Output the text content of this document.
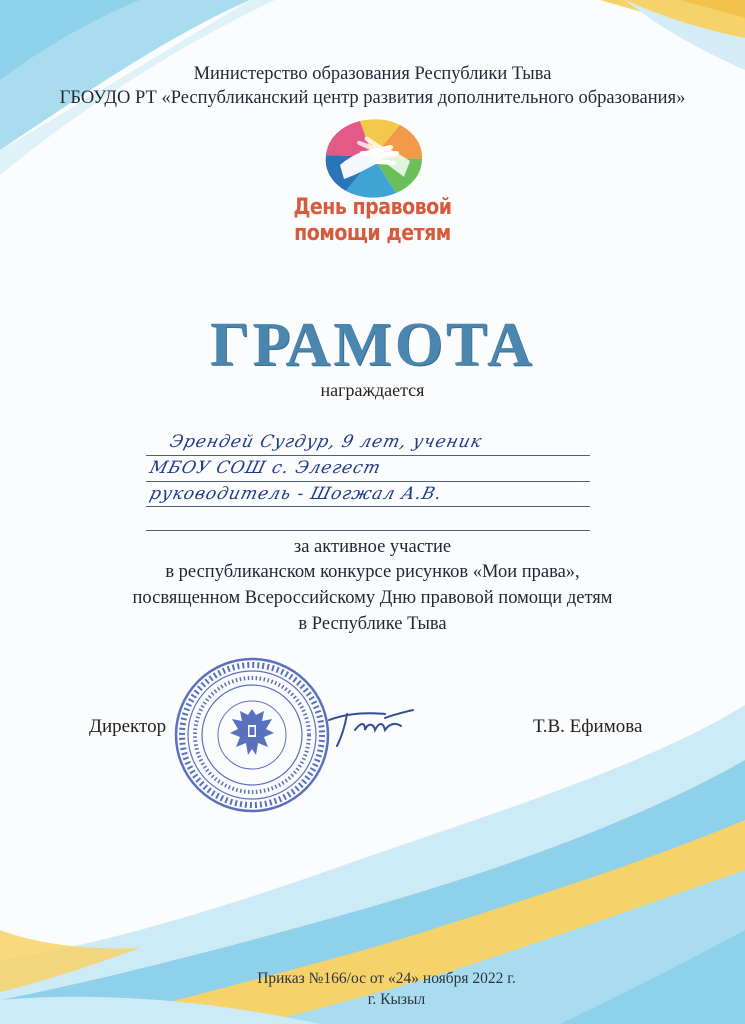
Министерство образования Республики Тыва
ГБОУДО РТ «Республиканский центр развития дополнительного образования»
День правовой
помощи детям
ГРАМОТА
награждается
Эрендей Сугдур, 9 лет, ученик
МБОУ СОШ с. Элегест
руководитель - Шогжал А.В.
за активное участие
в республиканском конкурсе рисунков «Мои права»,
посвященном Всероссийскому Дню правовой помощи детям
в Республике Тыва
Директор	Т.В. Ефимова
Приказ №166/ос от «24» ноября 2022 г.
г. Кызыл
